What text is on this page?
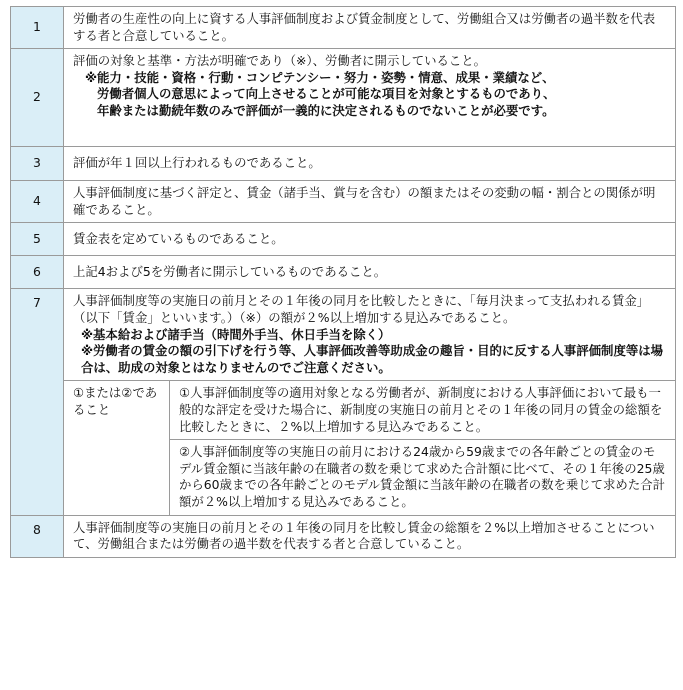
1	労働者の生産性の向上に資する人事評価制度および賃金制度として、労働組合又は労働者の過半数を代表する者と合意していること。
2	
評価の対象と基準・方法が明確であり（※）、労働者に開示していること。
※能力・技能・資格・行動・コンピテンシー・努力・姿勢・情意、成果・業績など、
労働者個人の意思によって向上させることが可能な項目を対象とするものであり、
年齢または勤続年数のみで評価が一義的に決定されるものでないことが必要です。

3	評価が年１回以上行われるものであること。
4	人事評価制度に基づく評定と、賃金（諸手当、賞与を含む）の額またはその変動の幅・割合との関係が明確であること。
5	賃金表を定めているものであること。
6	上記4および5を労働者に開示しているものであること。
7	人事評価制度等の実施日の前月とその１年後の同月を比較したときに、「毎月決まって支払われる賃金」（以下「賃金」といいます。）（※）の額が２%以上増加する見込みであること。
※基本給および諸手当（時間外手当、休日手当を除く）
※労働者の賃金の額の引下げを行う等、人事評価改善等助成金の趣旨・目的に反する人事評価制度等は場合は、助成の対象とはなりませんのでご注意ください。
①または②であること	①人事評価制度等の適用対象となる労働者が、新制度における人事評価において最も一般的な評定を受けた場合に、新制度の実施日の前月とその１年後の同月の賃金の総額を比較したときに、２%以上増加する見込みであること。
②人事評価制度等の実施日の前月における24歳から59歳までの各年齢ごとの賃金のモデル賃金額に当該年齢の在職者の数を乗じて求めた合計額に比べて、その１年後の25歳から60歳までの各年齢ごとのモデル賃金額に当該年齢の在職者の数を乗じて求めた合計額が２%以上増加する見込みであること。

8	人事評価制度等の実施日の前月とその１年後の同月を比較し賃金の総額を２%以上増加させることについて、労働組合または労働者の過半数を代表する者と合意していること。
